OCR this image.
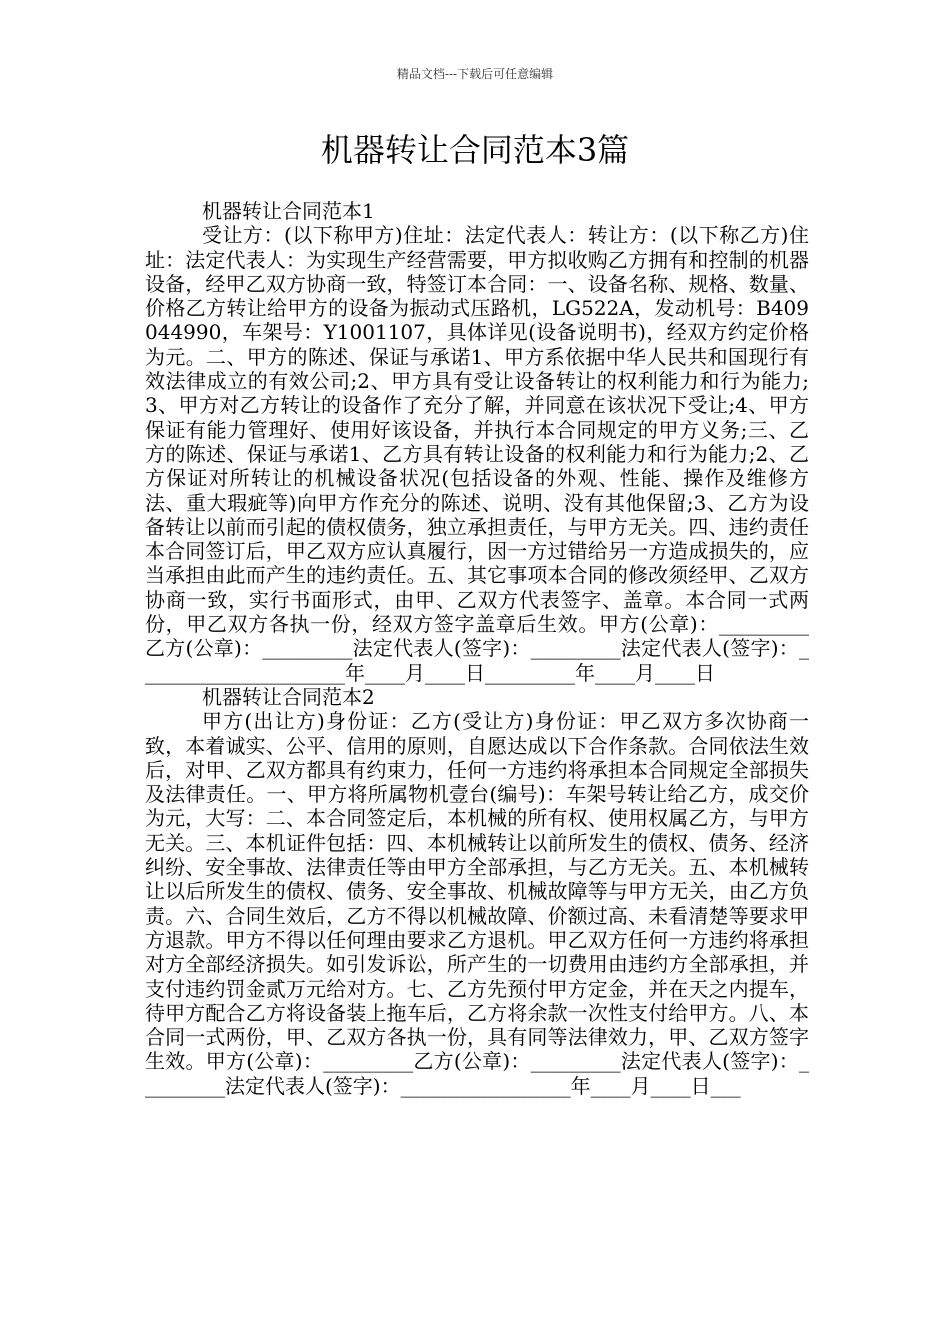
精品文档---下载后可任意编辑
机器转让合同范本3篇

机器转让合同范本1

受让方：(以下称甲方)住址：法定代表人：转让方：(以下称乙方)住址：法定代表人：为实现生产经营需要，甲方拟收购乙方拥有和控制的机器设备，经甲乙双方协商一致，特签订本合同：一、设备名称、规格、数量、价格乙方转让给甲方的设备为振动式压路机，LG522A，发动机号：B409044990，车架号：Y1001107，具体详见(设备说明书)，经双方约定价格为元。二、甲方的陈述、保证与承诺1、甲方系依据中华人民共和国现行有效法律成立的有效公司;2、甲方具有受让设备转让的权利能力和行为能力;3、甲方对乙方转让的设备作了充分了解，并同意在该状况下受让;4、甲方保证有能力管理好、使用好该设备，并执行本合同规定的甲方义务;三、乙方的陈述、保证与承诺1、乙方具有转让设备的权利能力和行为能力;2、乙方保证对所转让的机械设备状况(包括设备的外观、性能、操作及维修方法、重大瑕疵等)向甲方作充分的陈述、说明、没有其他保留;3、乙方为设备转让以前而引起的债权债务，独立承担责任，与甲方无关。四、违约责任本合同签订后，甲乙双方应认真履行，因一方过错给另一方造成损失的，应当承担由此而产生的违约责任。五、其它事项本合同的修改须经甲、乙双方协商一致，实行书面形式，由甲、乙双方代表签字、盖章。本合同一式两份，甲乙双方各执一份，经双方签字盖章后生效。甲方(公章)：_________乙方(公章)：_________法定代表人(签字)：_________法定代表人(签字)：_____________________年____月____日_________年____月____日

机器转让合同范本2

甲方(出让方)身份证：乙方(受让方)身份证：甲乙双方多次协商一致，本着诚实、公平、信用的原则，自愿达成以下合作条款。合同依法生效后，对甲、乙双方都具有约束力，任何一方违约将承担本合同规定全部损失及法律责任。一、甲方将所属物机壹台(编号)：车架号转让给乙方，成交价为元，大写：二、本合同签定后，本机械的所有权、使用权属乙方，与甲方无关。三、本机证件包括：四、本机械转让以前所发生的债权、债务、经济纠纷、安全事故、法律责任等由甲方全部承担，与乙方无关。五、本机械转让以后所发生的债权、债务、安全事故、机械故障等与甲方无关，由乙方负责。六、合同生效后，乙方不得以机械故障、价额过高、未看清楚等要求甲方退款。甲方不得以任何理由要求乙方退机。甲乙双方任何一方违约将承担对方全部经济损失。如引发诉讼，所产生的一切费用由违约方全部承担，并支付违约罚金贰万元给对方。七、乙方先预付甲方定金，并在天之内提车，待甲方配合乙方将设备装上拖车后，乙方将余款一次性支付给甲方。八、本合同一式两份，甲、乙双方各执一份，具有同等法律效力，甲、乙双方签字生效。甲方(公章)：_________乙方(公章)：_________法定代表人(签字)：_________法定代表人(签字)：_________________年____月____日___
